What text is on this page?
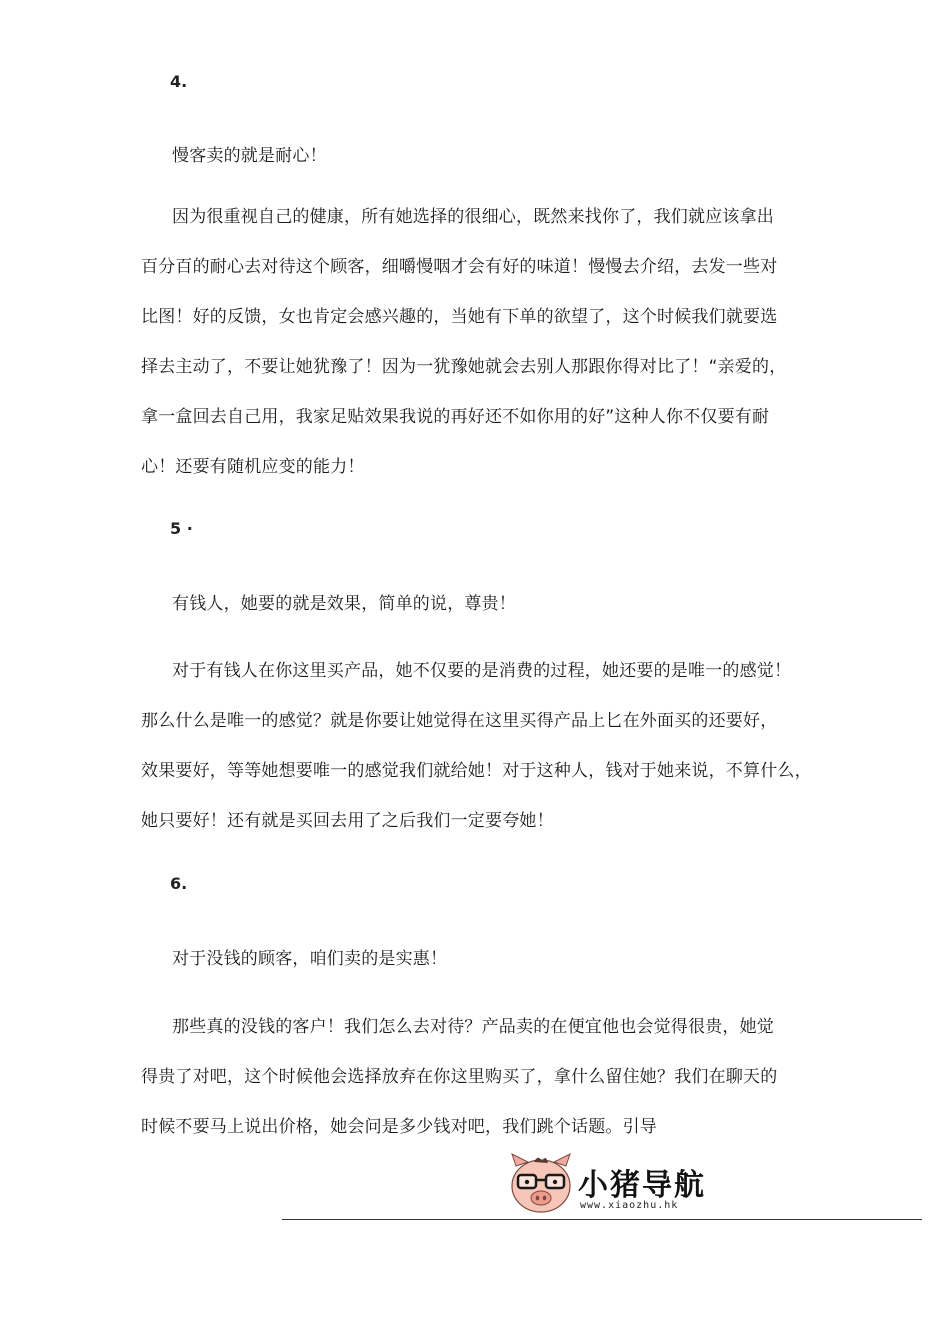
4.
慢客卖的就是耐心！
因为很重视自己的健康，所有她选择的很细心，既然来找你了，我们就应该拿出
百分百的耐心去对待这个顾客，细嚼慢咽才会有好的味道！慢慢去介绍，去发一些对
比图！好的反馈，女也肯定会感兴趣的，当她有下单的欲望了，这个时候我们就要选
择去主动了，不要让她犹豫了！因为一犹豫她就会去别人那跟你得对比了！“亲爱的，
拿一盒回去自己用，我家足贴效果我说的再好还不如你用的好”这种人你不仅要有耐
心！还要有随机应变的能力！
5 ·
有钱人，她要的就是效果，简单的说，尊贵！
对于有钱人在你这里买产品，她不仅要的是消费的过程，她还要的是唯一的感觉！
那么什么是唯一的感觉？就是你要让她觉得在这里买得产品上匕在外面买的还要好，
效果要好，等等她想要唯一的感觉我们就给她！对于这种人，钱对于她来说，不算什么，
她只要好！还有就是买回去用了之后我们一定要夸她！
6.
对于没钱的顾客，咱们卖的是实惠！
那些真的没钱的客户！我们怎么去对待？产品卖的在便宜他也会觉得很贵，她觉
得贵了对吧，这个时候他会选择放弃在你这里购买了，拿什么留住她？我们在聊天的
时候不要马上说出价格，她会问是多少钱对吧，我们跳个话题。引导
小猪导航
www.xiaozhu.hk
